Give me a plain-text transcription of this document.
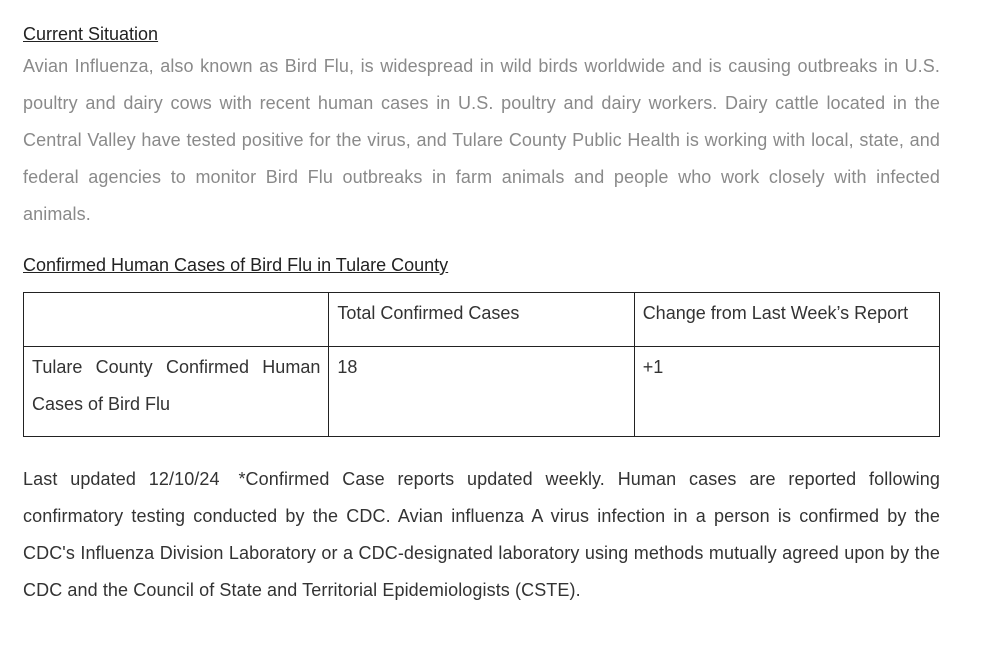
Current Situation

Avian Influenza, also known as Bird Flu, is widespread in wild birds worldwide and is causing outbreaks in U.S. poultry and dairy cows with recent human cases in U.S. poultry and dairy workers. Dairy cattle located in the Central Valley have tested positive for the virus, and Tulare County Public Health is working with local, state, and federal agencies to monitor Bird Flu outbreaks in farm animals and people who work closely with infected animals.

Confirmed Human Cases of Bird Flu in Tulare County

	Total Confirmed Cases	Change from Last Week’s Report
Tulare County Confirmed Human Cases of Bird Flu	18	+1

Last updated 12/10/24 *Confirmed Case reports updated weekly. Human cases are reported following confirmatory testing conducted by the CDC. Avian influenza A virus infection in a person is confirmed by the CDC's Influenza Division Laboratory or a CDC-designated laboratory using methods mutually agreed upon by the CDC and the Council of State and Territorial Epidemiologists (CSTE).
